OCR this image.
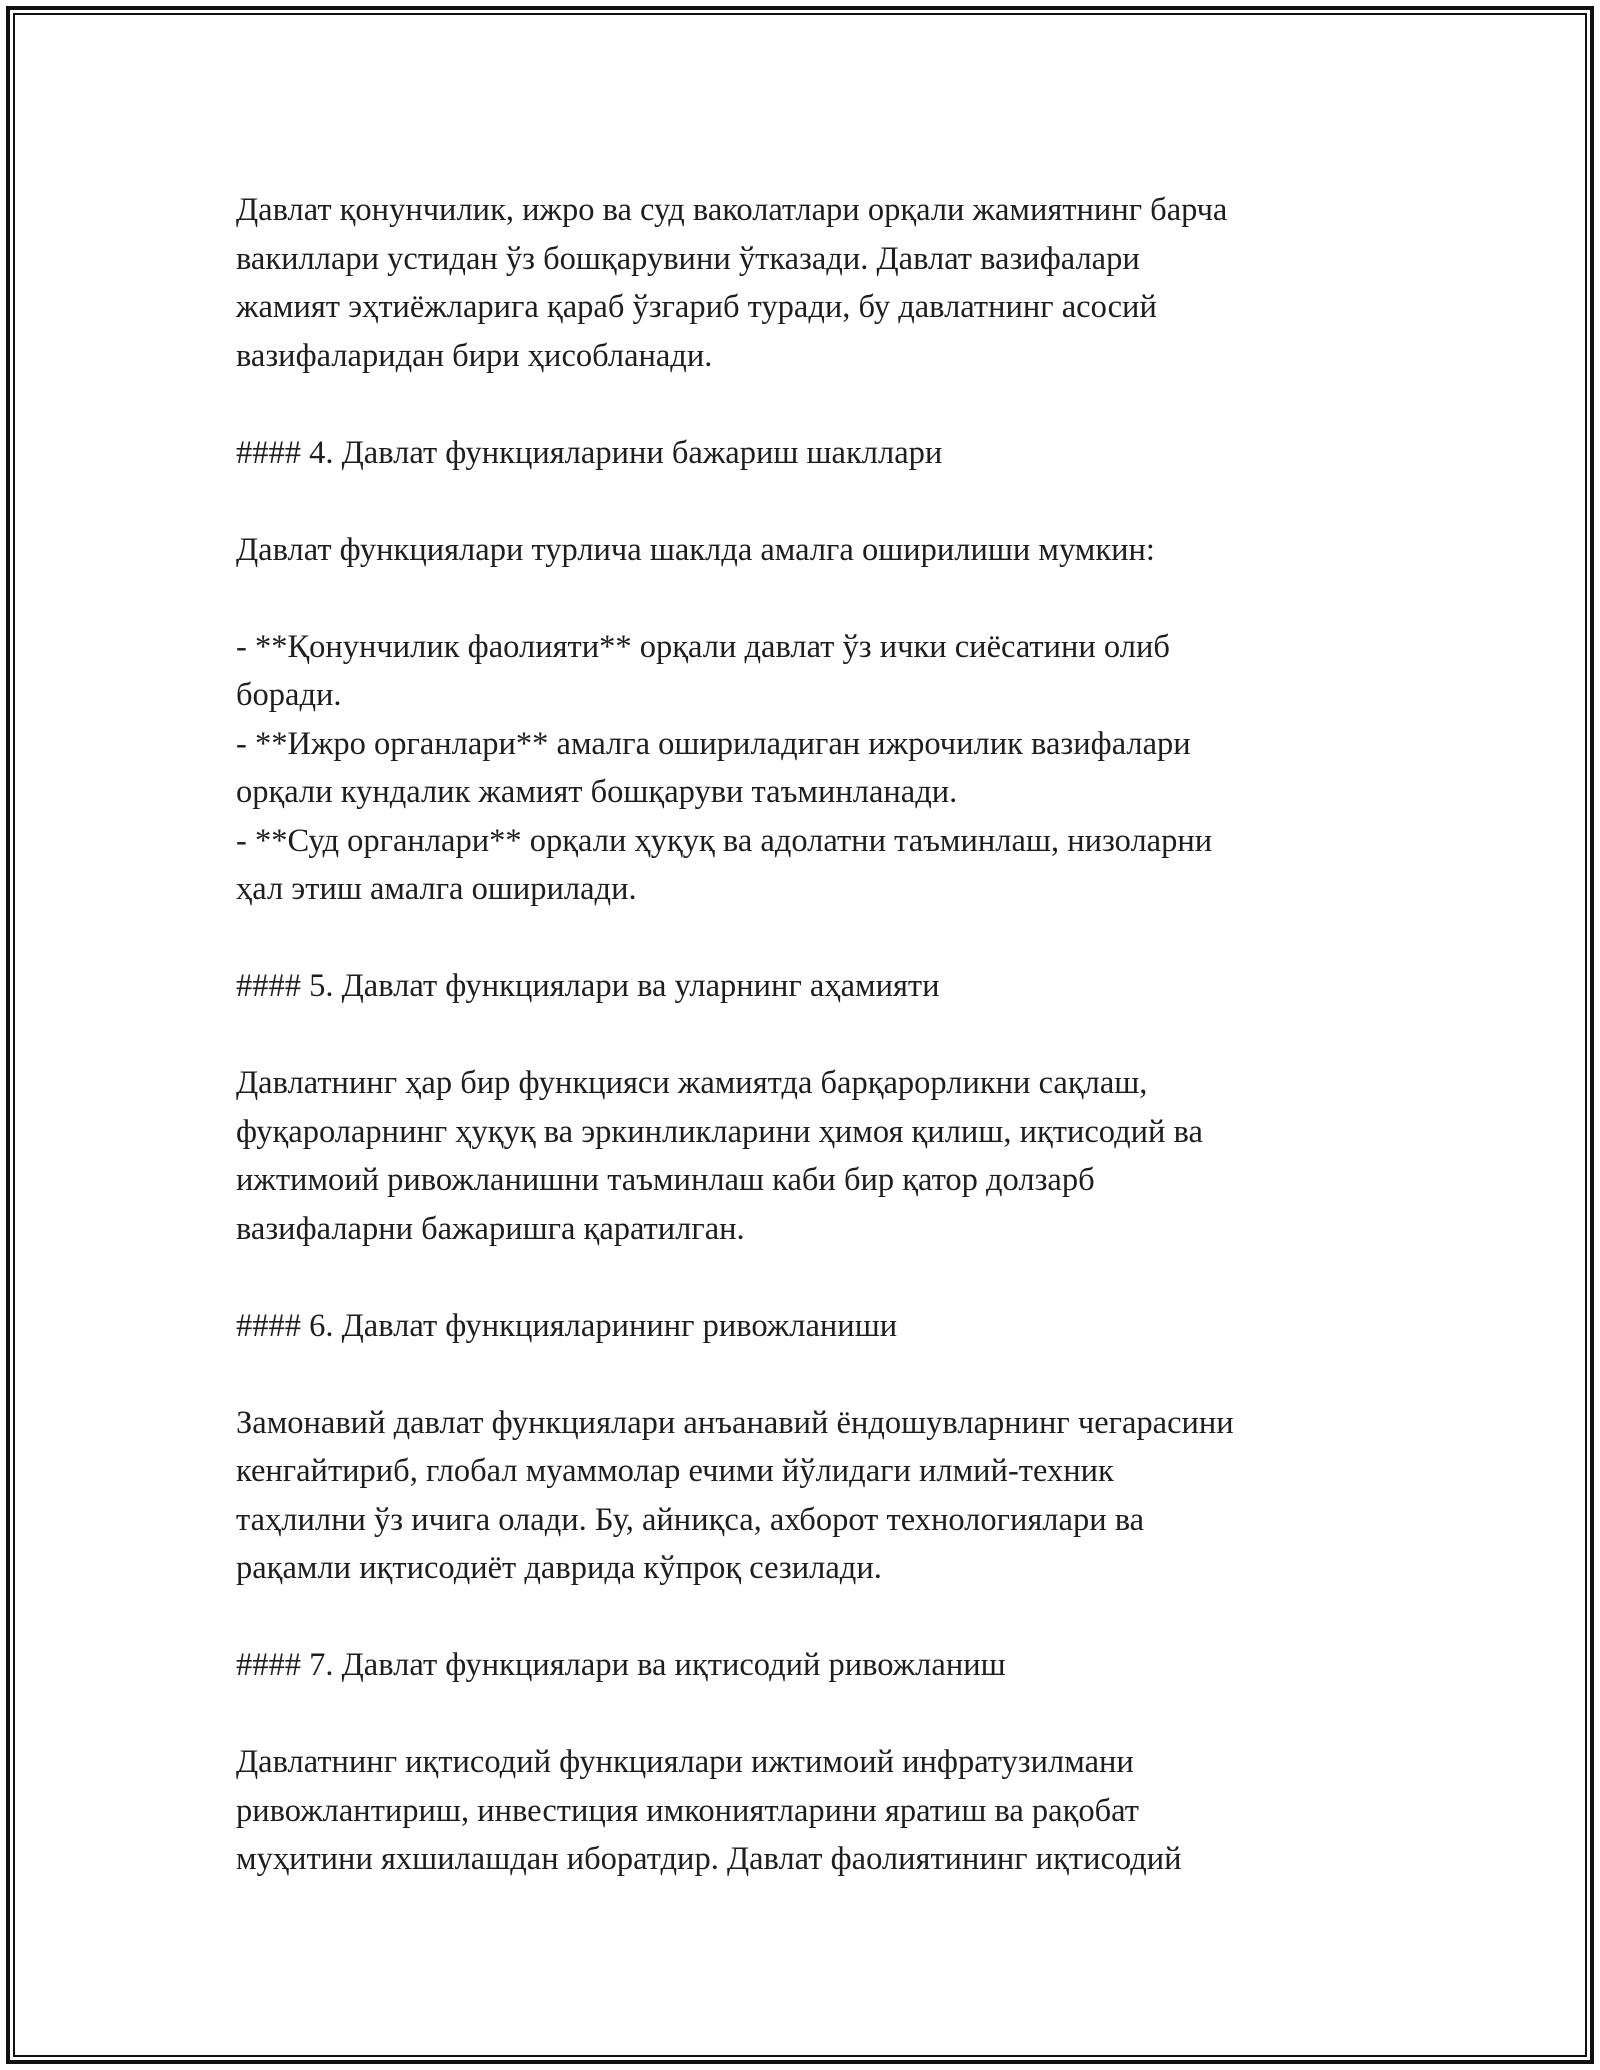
Давлат қонунчилик, ижро ва суд ваколатлари орқали жамиятнинг барча
вакиллари устидан ўз бошқарувини ўтказади. Давлат вазифалари
жамият эҳтиёжларига қараб ўзгариб туради, бу давлатнинг асосий
вазифаларидан бири ҳисобланади.

#### 4. Давлат функцияларини бажариш шакллари

Давлат функциялари турлича шаклда амалга оширилиши мумкин:

- **Қонунчилик фаолияти** орқали давлат ўз ички сиёсатини олиб
боради.

- **Ижро органлари** амалга ошириладиган ижрочилик вазифалари
орқали кундалик жамият бошқаруви таъминланади.

- **Суд органлари** орқали ҳуқуқ ва адолатни таъминлаш, низоларни
ҳал этиш амалга оширилади.

#### 5. Давлат функциялари ва уларнинг аҳамияти

Давлатнинг ҳар бир функцияси жамиятда барқарорликни сақлаш,
фуқароларнинг ҳуқуқ ва эркинликларини ҳимоя қилиш, иқтисодий ва
ижтимоий ривожланишни таъминлаш каби бир қатор долзарб
вазифаларни бажаришга қаратилган.

#### 6. Давлат функцияларининг ривожланиши

Замонавий давлат функциялари анъанавий ёндошувларнинг чегарасини
кенгайтириб, глобал муаммолар ечими йўлидаги илмий-техник
таҳлилни ўз ичига олади. Бу, айниқса, ахборот технологиялари ва
рақамли иқтисодиёт даврида кўпроқ сезилади.

#### 7. Давлат функциялари ва иқтисодий ривожланиш

Давлатнинг иқтисодий функциялари ижтимоий инфратузилмани
ривожлантириш, инвестиция имкониятларини яратиш ва рақобат
муҳитини яхшилашдан иборатдир. Давлат фаолиятининг иқтисодий
